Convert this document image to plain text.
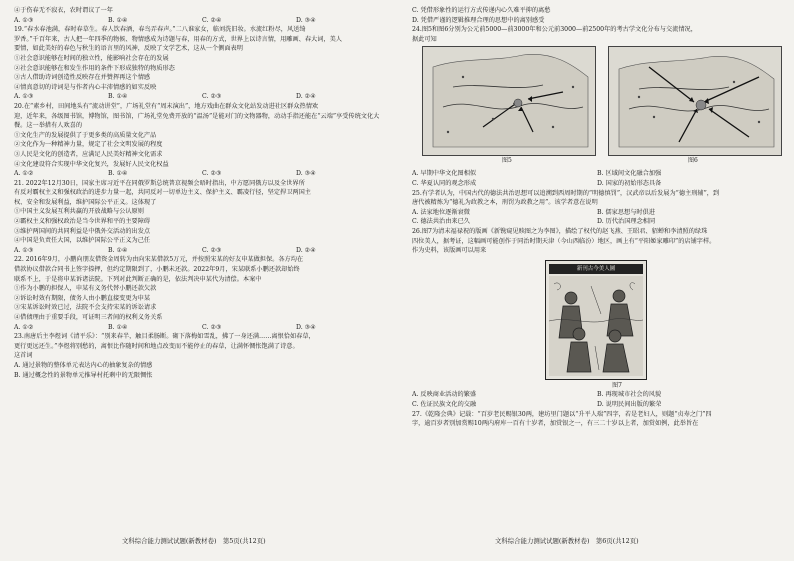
④于伤春无不寂衣，农时谓议了一年
A. ①③	B. ①④	C. ②④	D. ③④
19.“春水春池满，春时春草生。春人饮春酒，春鸟弄春声。”二八谁家女，临刘洗旧妆。水流红粉尽，风送绮
罗香。”千百年来，古人把一年四季的物候、物情感成为诗题与春，用春的方式，世界上以诗言情，用雕画、春大词，美人
要情，如此美好的春色与秋生的语言里的风神，反映了文学艺术，这从一个侧面表明
①社会意识能够在时间的独立性，能影响社会存在的发展
②社会意识能够在和发生作用的条件下形成独特的物质形态
③古人借助诗词创造性反映存在并赞挥再这个情感
④情真意切的诗词是与作者内心丰沛情感的如实反映
A. ①③	B. ①④	C. ②③	D. ②④
20.在“素乡村，田间地头有“流动讲堂”，广场礼堂有“周末演出”，地方戏曲在群众文化站发动进社区群众热情欢
迎，近年来，各级图书馆，博物馆，图书馆，广场礼堂免费开放的“温汤”是能对门的文物器物，动动手指还能在“云端”享受传统文化大
餐。这一举措有人欢喜的
①文化生产的发展提供了于更多类的高质量文化产品
②文化作为一种精神力量，规定了社会文明发展的程度
③人民是文化的创造者，应满足人民美好精神文化需求
④文化建设符合实现中华文化复兴，发展好人民文化权益
A. ①②	B. ①④	C. ②③	D. ③④
21. 2022年12月30日，国家主席习近平在同俄罗斯总统普京视频会晤时指出，中方愿同俄方以及全世界所
有反对霸权主义和强权政治的进步力量一起，共同反对一切单边主义、保护主义、霸凌行径，坚定捍卫两国主
权、安全和发展利益，维护国际公平正义。这体现了
①中国主义发展互利共赢的开放战略与公认原则
②霸权主义和强权政治是当今世界和平的主要障碍
③维护两国间的共同利益是中俄外交活动的出发点
④中国是负责任大国，以维护国际公平正义为己任
A. ①③	B. ①④	C. ②③	D. ②④
22. 2016年9月，小鹏向朋友借资金周转为由向宋某借款5万元，并按照宋某的好友申某做担保。各方均在
借款协议借款合同书上签字捺押，但约定期限到了，小鹏未还款。2022年9月，宋某联系小鹏还款却始终
联系不上，于是将申某诉诸法院。下列对此判断正确的是，依法判决申某代为清偿。本案中
①作为小鹏的担保人，申某有义务代替小鹏还款欠款
②诉讼时效有期限，债务人由小鹏直接变更为申某
③宋某诉讼时效已过，法院不会支持宋某的诉讼请求
④借债理由于重要手段，可证明三者间的权利义务关系
A. ①②	B. ①④	C. ②③	D. ③④
23.南唐后主李煜词《清平乐》：“别来春半，触目柔肠断。砌下落梅如雪乱，拂了一身还满……离恨恰如春草，
更行更远还生。”李煜将别愁的，离恨比作随时间和地点改变而不能停止的春草，让满怀惆怅饱满了诗意。
这首词
A. 通过景物的整体单元表达内心的抽象复杂的情感
B. 通过概念性的景物单元推导村托剩中的无限惆怅
文科综合能力测试试题(新教材卷)　第5页(共12页)
C. 凭借形象性的运行方式传递内心久难平抑的离愁
D. 凭借严谨的逻辑推理合理的思想中的离别感受
24.图5和图6分别为公元前5000—前3000年和公元前3000—前2500年的考古学文化分布与交流情况，
据此可知
图5	图6
A. 早期中华文化图相似	B. 区域间文化融合加强
C. 华夏认同的观念形成	D. 国家的初始形态具备
25.有学者认为，中国古代的德法共治思想可以追溯到西周时期的“明德慎罚”，汉武帝以后发展为“德主刑辅”，到
唐代被精炼为“德礼为政教之本，刑罚为政教之用”。该学者意在说明
A. 法家地位逐渐衰微	B. 儒家思想与时俱进
C. 德法共治由来已久	D. 历代治国理念相同
26.图7为清末福禄祝的版画《新镌窥见赎图之为李图》，描绘了权代的赵飞燕、王昭君、貂蝉和李清照的绿珠
四位美人，据考证，这幅画可能创作于同治时期天津（今山西临汾）地区，画上有“平阳姬家雕印”的店铺字样。
作为史料，该版画可以用来
新刊古今美人圖
图7
A. 反映商业活动的繁盛	B. 再现城市社会的风貌
C. 佐证民族文化的交融	D. 说明民间出版的繁荣
27.《乾隆会典》记载：“百岁老民赐银30两，建坊里门题以“升平人瑞”四字，若是老妇人，则题“贞寿之门”四
字，逾百岁者别加赏赐10两内府库一百有十岁者，加赏银之一，有三二十岁以上者，加赏如例，此举旨在
文科综合能力测试试题(新教材卷)　第6页(共12页)
